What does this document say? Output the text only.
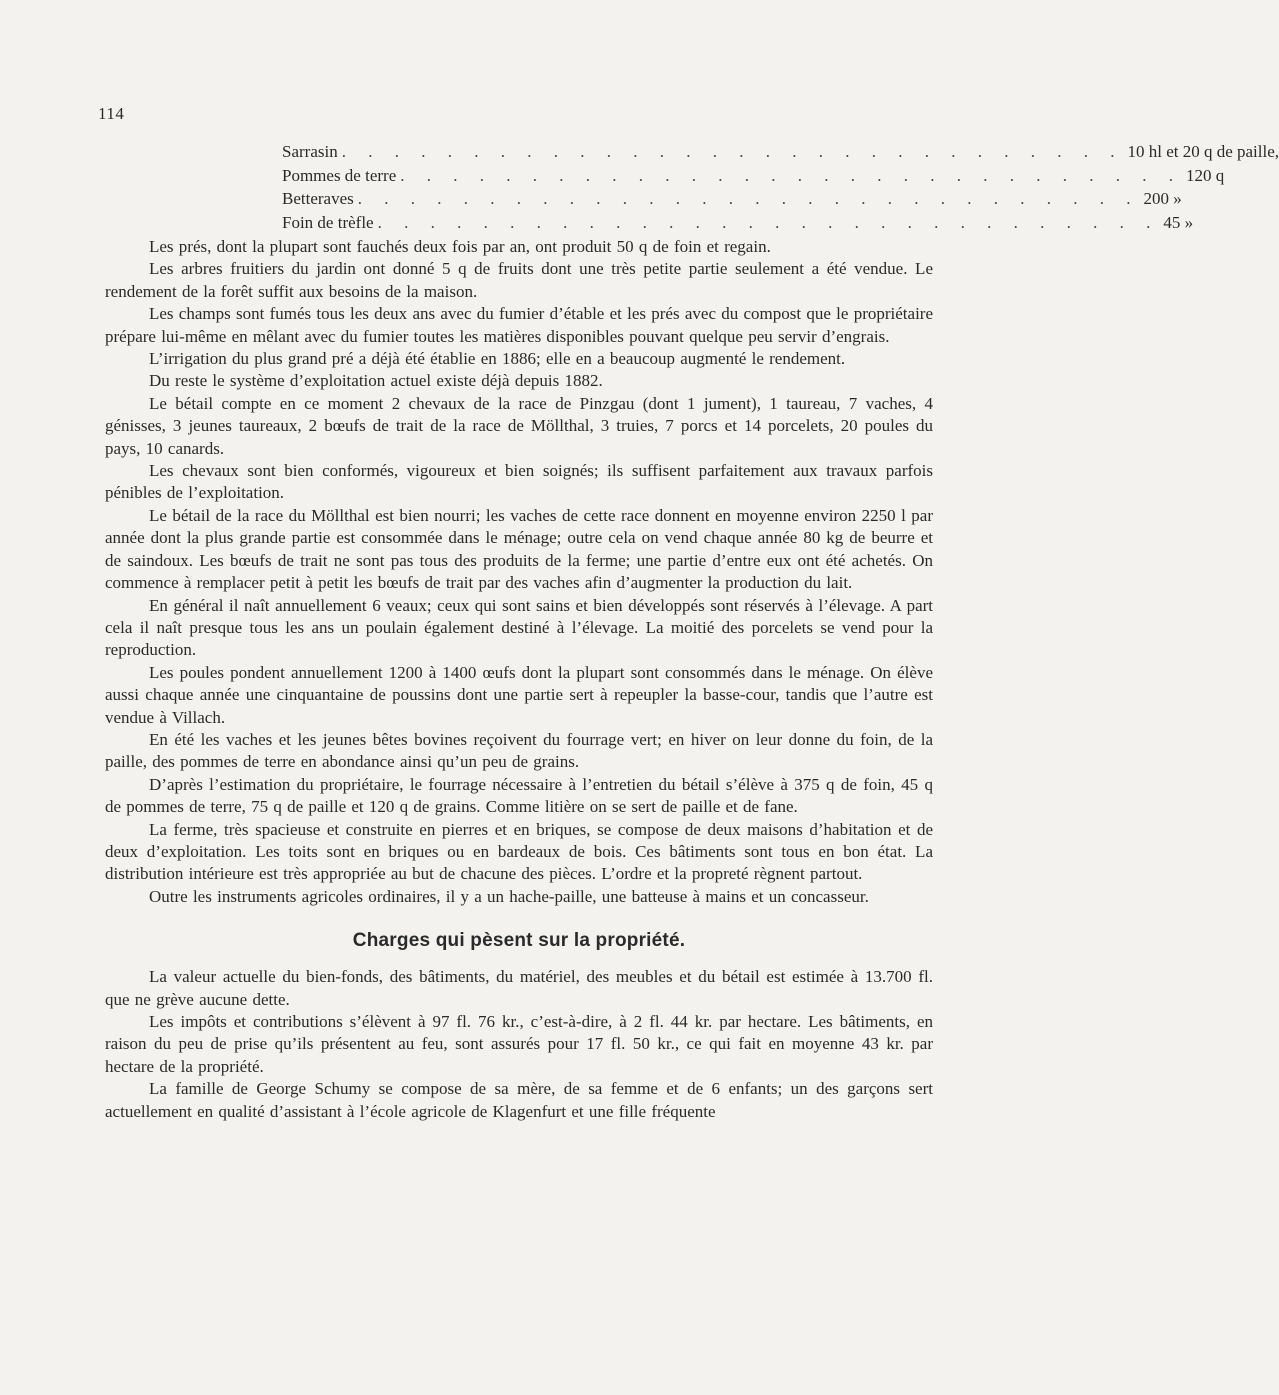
114
Sarrasin . . . . . . . . . . . . . . . . . . . . . . . . . . . . . . 10 hl et 20 q de paille,
Pommes de terre . . . . . . . . . . . . . . . . . . . . . . . . . . . . . . 120 q
Betteraves . . . . . . . . . . . . . . . . . . . . . . . . . . . . . . 200 »
Foin de trèfle . . . . . . . . . . . . . . . . . . . . . . . . . . . . . . 45 »

Les prés, dont la plupart sont fauchés deux fois par an, ont produit 50 q de foin et regain.

Les arbres fruitiers du jardin ont donné 5 q de fruits dont une très petite partie seulement a été vendue. Le rendement de la forêt suffit aux besoins de la maison.

Les champs sont fumés tous les deux ans avec du fumier d’étable et les prés avec du compost que le propriétaire prépare lui-même en mêlant avec du fumier toutes les matières disponibles pouvant quelque peu servir d’engrais.

L’irrigation du plus grand pré a déjà été établie en 1886; elle en a beaucoup augmenté le rendement.

Du reste le système d’exploitation actuel existe déjà depuis 1882.

Le bétail compte en ce moment 2 chevaux de la race de Pinzgau (dont 1 jument), 1 taureau, 7 vaches, 4 génisses, 3 jeunes taureaux, 2 bœufs de trait de la race de Möllthal, 3 truies, 7 porcs et 14 porcelets, 20 poules du pays, 10 canards.

Les chevaux sont bien conformés, vigoureux et bien soignés; ils suffisent parfaitement aux travaux parfois pénibles de l’exploitation.

Le bétail de la race du Möllthal est bien nourri; les vaches de cette race donnent en moyenne environ 2250 l par année dont la plus grande partie est consommée dans le ménage; outre cela on vend chaque année 80 kg de beurre et de saindoux. Les bœufs de trait ne sont pas tous des produits de la ferme; une partie d’entre eux ont été achetés. On commence à remplacer petit à petit les bœufs de trait par des vaches afin d’augmenter la production du lait.

En général il naît annuellement 6 veaux; ceux qui sont sains et bien développés sont réservés à l’élevage. A part cela il naît presque tous les ans un poulain également destiné à l’élevage. La moitié des porcelets se vend pour la reproduction.

Les poules pondent annuellement 1200 à 1400 œufs dont la plupart sont consommés dans le ménage. On élève aussi chaque année une cinquantaine de poussins dont une partie sert à repeupler la basse-cour, tandis que l’autre est vendue à Villach.

En été les vaches et les jeunes bêtes bovines reçoivent du fourrage vert; en hiver on leur donne du foin, de la paille, des pommes de terre en abondance ainsi qu’un peu de grains.

D’après l’estimation du propriétaire, le fourrage nécessaire à l’entretien du bétail s’élève à 375 q de foin, 45 q de pommes de terre, 75 q de paille et 120 q de grains. Comme litière on se sert de paille et de fane.

La ferme, très spacieuse et construite en pierres et en briques, se compose de deux maisons d’habitation et de deux d’exploitation. Les toits sont en briques ou en bardeaux de bois. Ces bâtiments sont tous en bon état. La distribution intérieure est très appropriée au but de chacune des pièces. L’ordre et la propreté règnent partout.

Outre les instruments agricoles ordinaires, il y a un hache-paille, une batteuse à mains et un concasseur.

Charges qui pèsent sur la propriété.

La valeur actuelle du bien-fonds, des bâtiments, du matériel, des meubles et du bétail est estimée à 13.700 fl. que ne grève aucune dette.

Les impôts et contributions s’élèvent à 97 fl. 76 kr., c’est-à-dire, à 2 fl. 44 kr. par hectare. Les bâtiments, en raison du peu de prise qu’ils présentent au feu, sont assurés pour 17 fl. 50 kr., ce qui fait en moyenne 43 kr. par hectare de la propriété.

La famille de George Schumy se compose de sa mère, de sa femme et de 6 enfants; un des garçons sert actuellement en qualité d’assistant à l’école agricole de Klagenfurt et une fille fréquente
